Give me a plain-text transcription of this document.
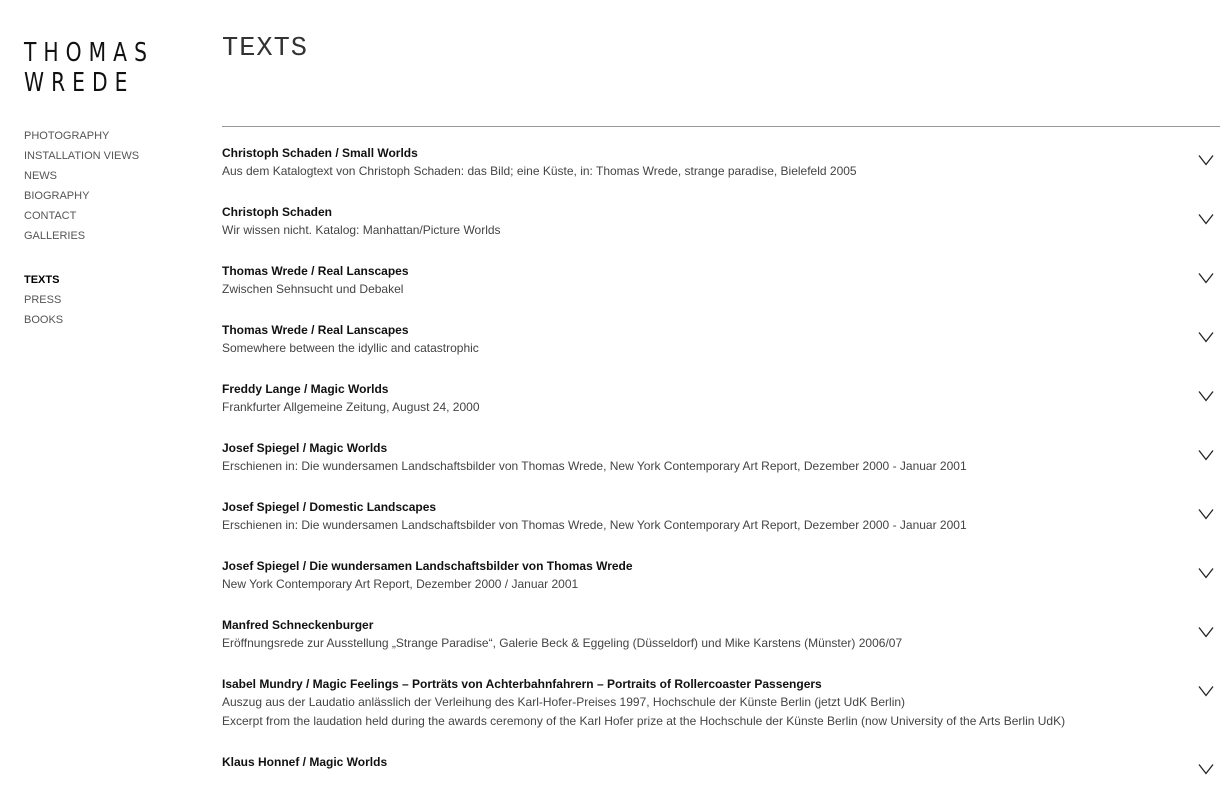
THOMAS
WREDE
PHOTOGRAPHY
INSTALLATION VIEWS
NEWS
BIOGRAPHY
CONTACT
GALLERIES
TEXTS
PRESS
BOOKS
TEXTS
Christoph Schaden / Small Worlds
Aus dem Katalogtext von Christoph Schaden: das Bild; eine Küste, in: Thomas Wrede, strange paradise, Bielefeld 2005
Christoph Schaden
Wir wissen nicht. Katalog: Manhattan/Picture Worlds
Thomas Wrede / Real Lanscapes
Zwischen Sehnsucht und Debakel
Thomas Wrede / Real Lanscapes
Somewhere between the idyllic and catastrophic
Freddy Lange / Magic Worlds
Frankfurter Allgemeine Zeitung, August 24, 2000
Josef Spiegel / Magic Worlds
Erschienen in: Die wundersamen Landschaftsbilder von Thomas Wrede, New York Contemporary Art Report, Dezember 2000 - Januar 2001
Josef Spiegel / Domestic Landscapes
Erschienen in: Die wundersamen Landschaftsbilder von Thomas Wrede, New York Contemporary Art Report, Dezember 2000 - Januar 2001
Josef Spiegel / Die wundersamen Landschaftsbilder von Thomas Wrede
New York Contemporary Art Report, Dezember 2000 / Januar 2001
Manfred Schneckenburger
Eröffnungsrede zur Ausstellung „Strange Paradise“, Galerie Beck & Eggeling (Düsseldorf) und Mike Karstens (Münster) 2006/07
Isabel Mundry / Magic Feelings – Porträts von Achterbahnfahrern – Portraits of Rollercoaster Passengers
Auszug aus der Laudatio anlässlich der Verleihung des Karl-Hofer-Preises 1997, Hochschule der Künste Berlin (jetzt UdK Berlin)
Excerpt from the laudation held during the awards ceremony of the Karl Hofer prize at the Hochschule der Künste Berlin (now University of the Arts Berlin UdK)
Klaus Honnef / Magic Worlds
